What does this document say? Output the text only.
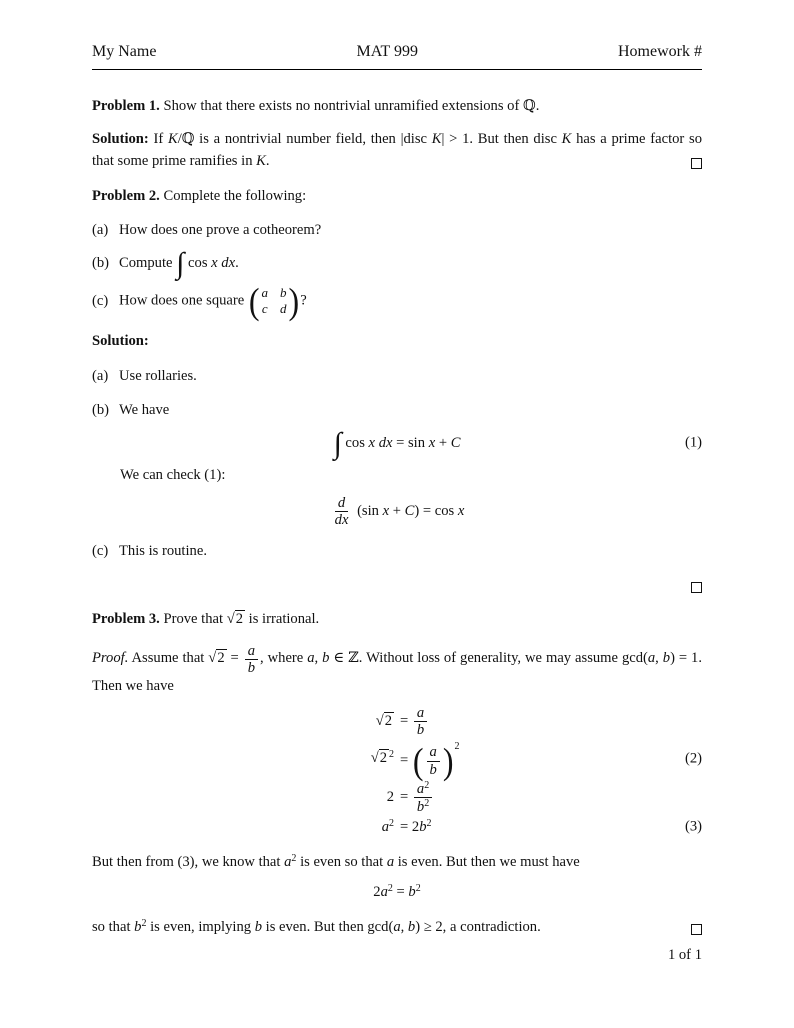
My Name	MAT 999	Homework #

Problem 1. Show that there exists no nontrivial unramified extensions of ℚ.

Solution: If K/ℚ is a nontrivial number field, then |disc K| > 1. But then disc K has a prime factor so that some prime ramifies in K.

Problem 2. Complete the following:

(a) How does one prove a cotheorem?
(b) Compute ∫ cos x dx.
(c) How does one square ( a b
c d )?

Solution:

(a) Use rollaries.
(b) We have
∫ cos x dx = sin x + C	(1)

We can check (1):

$\frac{d}{dx} (\sin$ x + C) = cos x
(c) This is routine.

Problem 3. Prove that √2 is irrational.

Proof. Assume that $√2 = \frac{a}{b}$ , where a, b ∈ ℤ. Without loss of generality, we may assume gcd(a, b) = 1. Then we have

$√2 = \frac{a}{b}$
√2 $^2$ = ( $\frac{a}{b} )^2$
(2)
$2 = \frac{a^2}{b^2}$
$a^2 = 2b^2$	(3)

But then from (3), we know that $a^2$ is even so that a is even. But then we must have

$2a^2 = b^2$

so that $b^2$ is even, implying b is even. But then gcd(a, b) ≥ 2, a contradiction.

1 of 1
